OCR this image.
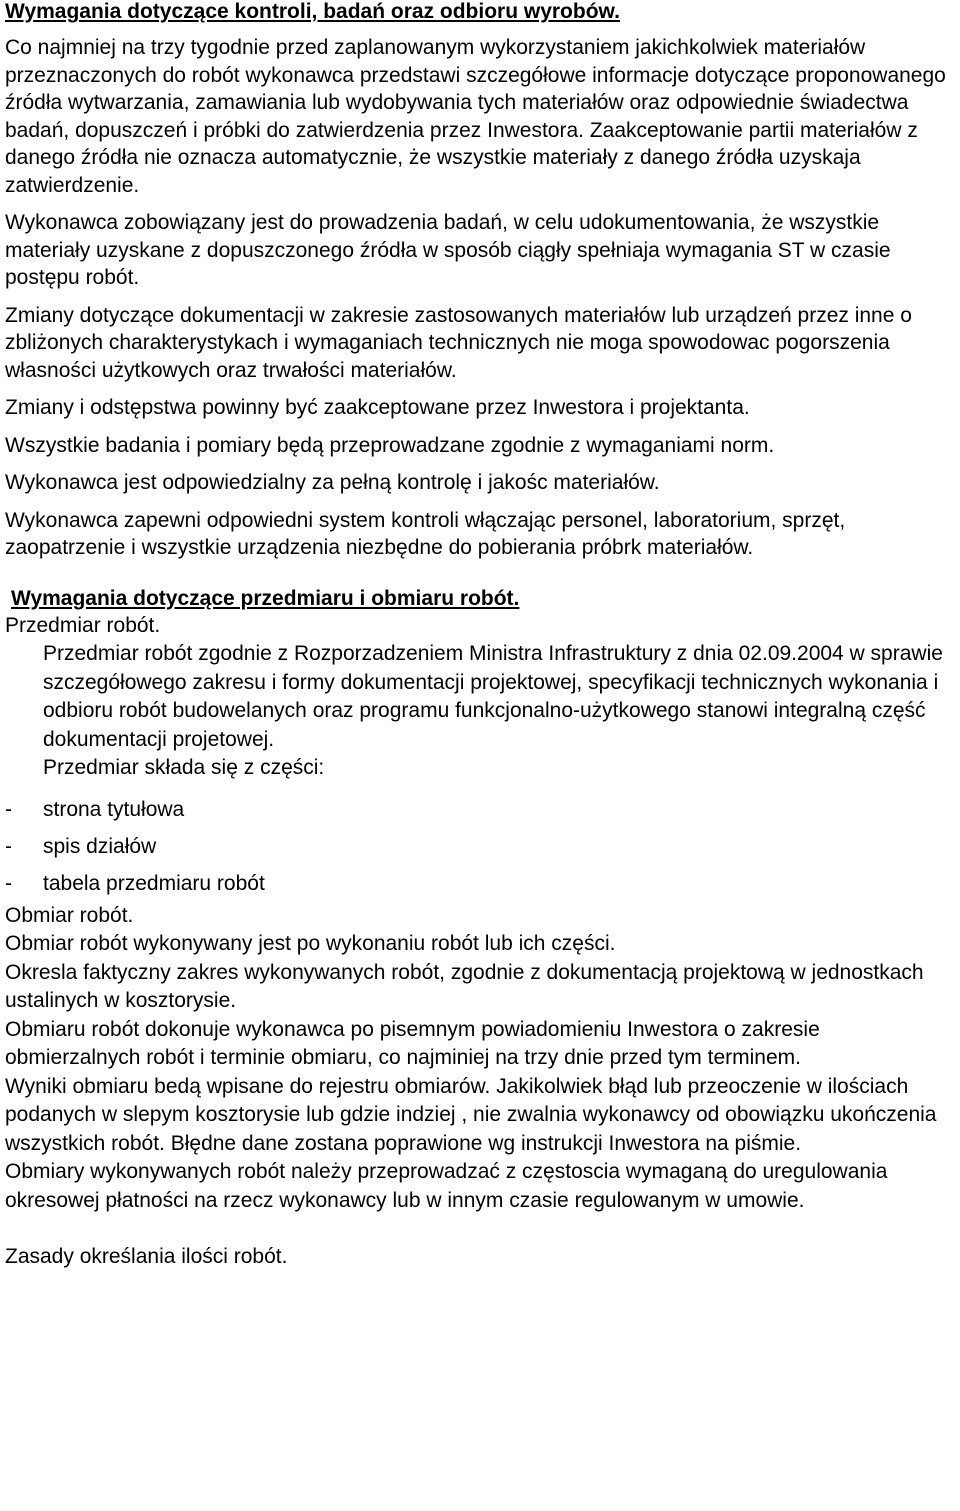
Wymagania dotyczące kontroli, badań oraz odbioru wyrobów.

Co najmniej na trzy tygodnie przed zaplanowanym wykorzystaniem jakichkolwiek materiałów przeznaczonych do robót wykonawca przedstawi szczegółowe informacje dotyczące proponowanego źródła wytwarzania, zamawiania lub wydobywania tych materiałów oraz odpowiednie świadectwa badań, dopuszczeń i próbki do zatwierdzenia przez Inwestora. Zaakceptowanie partii materiałów z danego źródła nie oznacza automatycznie, że wszystkie materiały z danego źródła uzyskaja zatwierdzenie.

Wykonawca zobowiązany jest do prowadzenia badań, w celu udokumentowania, że wszystkie materiały uzyskane z dopuszczonego źródła w sposób ciągły spełniaja wymagania ST w czasie postępu robót.

Zmiany dotyczące dokumentacji w zakresie zastosowanych materiałów lub urządzeń przez inne o zbliżonych charakterystykach i wymaganiach technicznych nie moga spowodowac pogorszenia własności użytkowych oraz trwałości materiałów.

Zmiany i odstępstwa powinny być zaakceptowane przez Inwestora i projektanta.

Wszystkie badania i pomiary będą przeprowadzane zgodnie z wymaganiami norm.

Wykonawca jest odpowiedzialny za pełną kontrolę i jakośc materiałów.

Wykonawca zapewni odpowiedni system kontroli włączając personel, laboratorium, sprzęt, zaopatrzenie i wszystkie urządzenia niezbędne do pobierania próbrk materiałów.

Wymagania dotyczące przedmiaru i obmiaru robót.

Przedmiar robót.

Przedmiar robót zgodnie z Rozporzadzeniem Ministra Infrastruktury z dnia 02.09.2004 w sprawie szczegółowego zakresu i formy dokumentacji projektowej, specyfikacji technicznych wykonania i odbioru robót budowelanych oraz programu funkcjonalno-użytkowego stanowi integralną część dokumentacji projetowej.

Przedmiar składa się z części:

- strona tytułowa
- spis działów
- tabela przedmiaru robót

Obmiar robót.

Obmiar robót wykonywany jest po wykonaniu robót lub ich części.

Okresla faktyczny zakres wykonywanych robót, zgodnie z dokumentacją projektową w jednostkach ustalinych w kosztorysie.

Obmiaru robót dokonuje wykonawca po pisemnym powiadomieniu Inwestora o zakresie obmierzalnych robót i terminie obmiaru, co najminiej na trzy dnie przed tym terminem.

Wyniki obmiaru bedą wpisane do rejestru obmiarów. Jakikolwiek błąd lub przeoczenie w ilościach podanych w slepym kosztorysie lub gdzie indziej , nie zwalnia wykonawcy od obowiązku ukończenia wszystkich robót. Błędne dane zostana poprawione wg instrukcji Inwestora na piśmie.

Obmiary wykonywanych robót należy przeprowadzać z częstoscia wymaganą do uregulowania okresowej płatności na rzecz wykonawcy lub w innym czasie regulowanym w umowie.

Zasady określania ilości robót.
